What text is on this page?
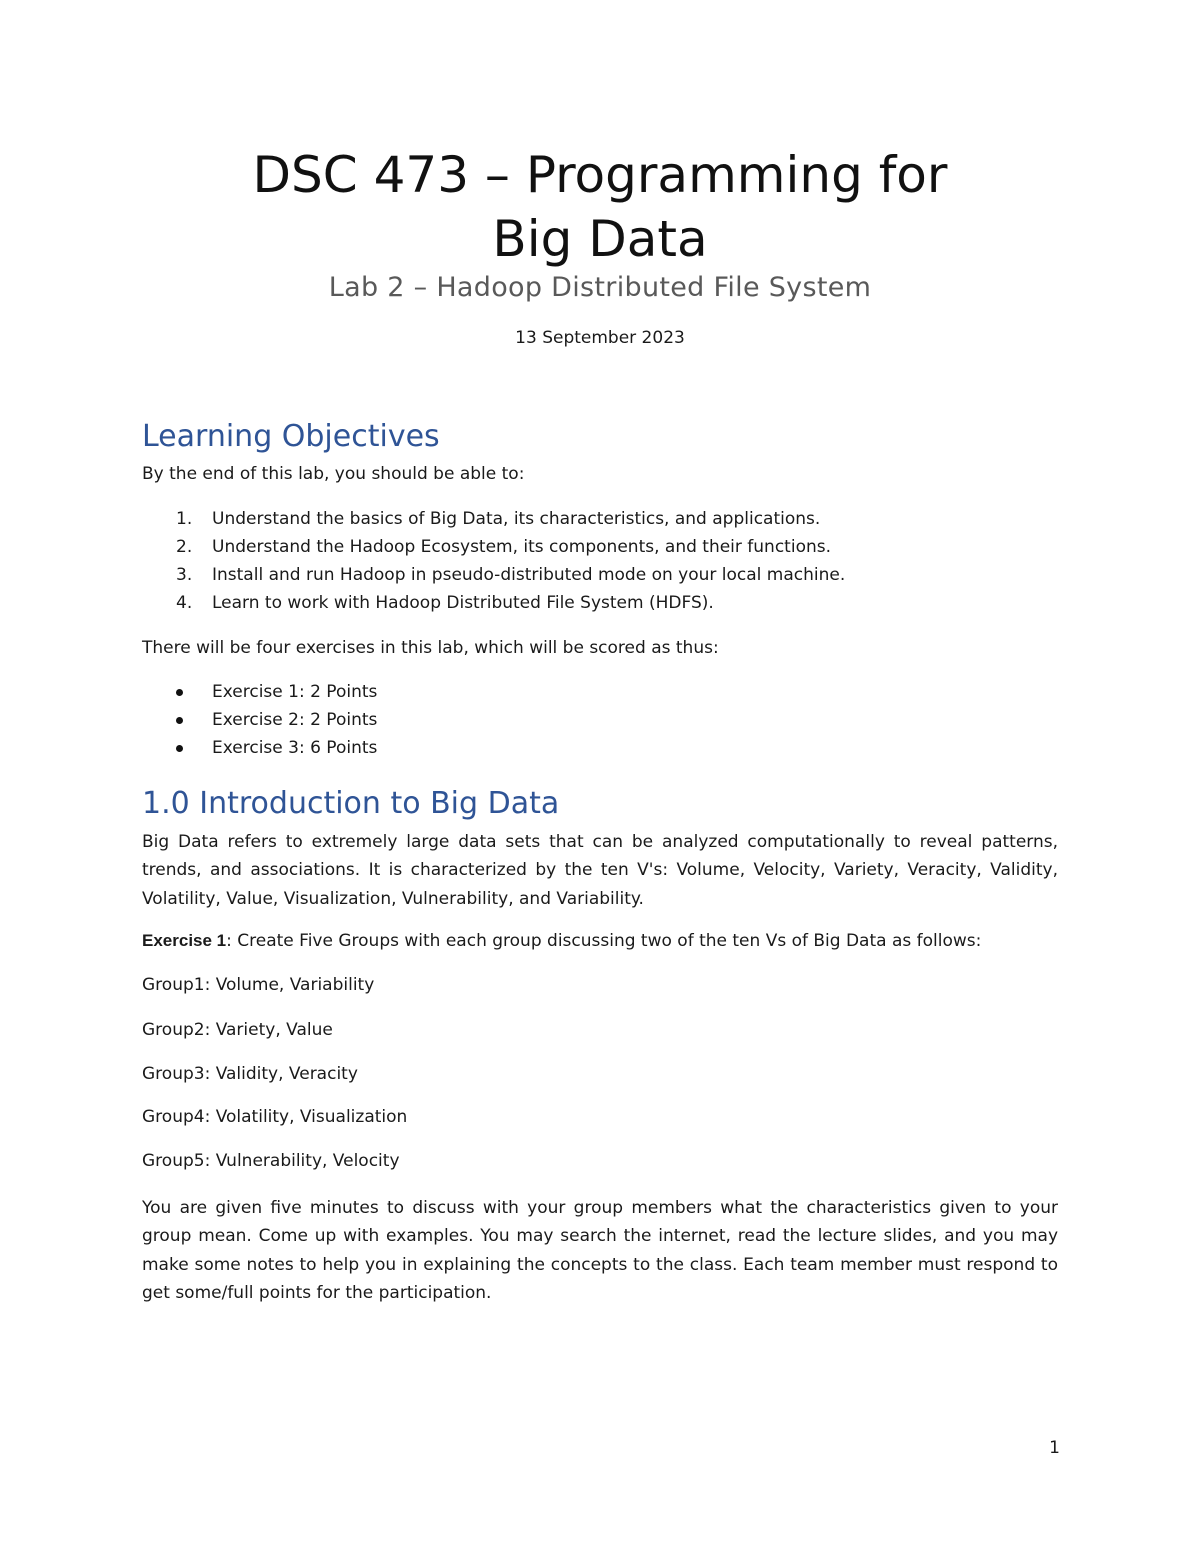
DSC 473 – Programming for
Big Data

Lab 2 – Hadoop Distributed File System

13 September 2023

Learning Objectives

By the end of this lab, you should be able to:

1.	Understand the basics of Big Data, its characteristics, and applications.
2.	Understand the Hadoop Ecosystem, its components, and their functions.
3.	Install and run Hadoop in pseudo-distributed mode on your local machine.
4.	Learn to work with Hadoop Distributed File System (HDFS).

There will be four exercises in this lab, which will be scored as thus:

Exercise 1: 2 Points
Exercise 2: 2 Points
Exercise 3: 6 Points
1.0 Introduction to Big Data

Big Data refers to extremely large data sets that can be analyzed computationally to reveal patterns, trends, and associations. It is characterized by the ten V's: Volume, Velocity, Variety, Veracity, Validity, Volatility, Value, Visualization, Vulnerability, and Variability.

Exercise 1: Create Five Groups with each group discussing two of the ten Vs of Big Data as follows:

Group1: Volume, Variability

Group2: Variety, Value

Group3: Validity, Veracity

Group4: Volatility, Visualization

Group5: Vulnerability, Velocity

You are given five minutes to discuss with your group members what the characteristics given to your group mean. Come up with examples. You may search the internet, read the lecture slides, and you may make some notes to help you in explaining the concepts to the class. Each team member must respond to get some/full points for the participation.

1
